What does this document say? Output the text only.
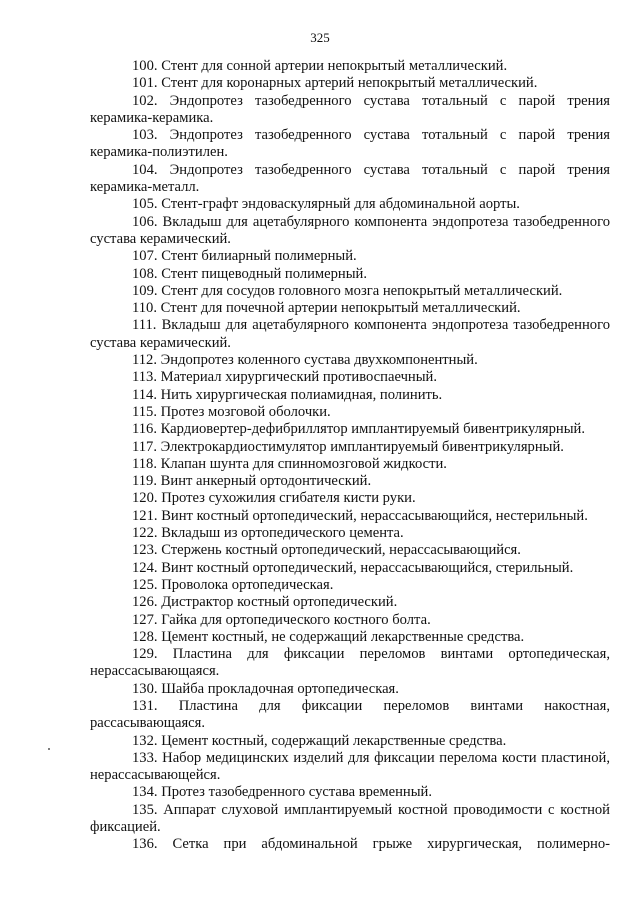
325

100. Стент для сонной артерии непокрытый металлический.

101. Стент для коронарных артерий непокрытый металлический.

102. Эндопротез тазобедренного сустава тотальный с парой трения керамика-керамика.

103. Эндопротез тазобедренного сустава тотальный с парой трения керамика-полиэтилен.

104. Эндопротез тазобедренного сустава тотальный с парой трения керамика-металл.

105. Стент-графт эндоваскулярный для абдоминальной аорты.

106. Вкладыш для ацетабулярного компонента эндопротеза тазобедренного сустава керамический.

107. Стент билиарный полимерный.

108. Стент пищеводный полимерный.

109. Стент для сосудов головного мозга непокрытый металлический.

110. Стент для почечной артерии непокрытый металлический.

111. Вкладыш для ацетабулярного компонента эндопротеза тазобедренного сустава керамический.

112. Эндопротез коленного сустава двухкомпонентный.

113. Материал хирургический противоспаечный.

114. Нить хирургическая полиамидная, полинить.

115. Протез мозговой оболочки.

116. Кардиовертер-дефибриллятор имплантируемый бивентрикулярный.

117. Электрокардиостимулятор имплантируемый бивентрикулярный.

118. Клапан шунта для спинномозговой жидкости.

119. Винт анкерный ортодонтический.

120. Протез сухожилия сгибателя кисти руки.

121. Винт костный ортопедический, нерассасывающийся, нестерильный.

122. Вкладыш из ортопедического цемента.

123. Стержень костный ортопедический, нерассасывающийся.

124. Винт костный ортопедический, нерассасывающийся, стерильный.

125. Проволока ортопедическая.

126. Дистрактор костный ортопедический.

127. Гайка для ортопедического костного болта.

128. Цемент костный, не содержащий лекарственные средства.

129. Пластина для фиксации переломов винтами ортопедическая, нерассасывающаяся.

130. Шайба прокладочная ортопедическая.

131. Пластина для фиксации переломов винтами накостная, рассасывающаяся.

132. Цемент костный, содержащий лекарственные средства.

133. Набор медицинских изделий для фиксации перелома кости пластиной, нерассасывающейся.

134. Протез тазобедренного сустава временный.

135. Аппарат слуховой имплантируемый костной проводимости с костной фиксацией.

136. Сетка при абдоминальной грыже хирургическая, полимерно-
